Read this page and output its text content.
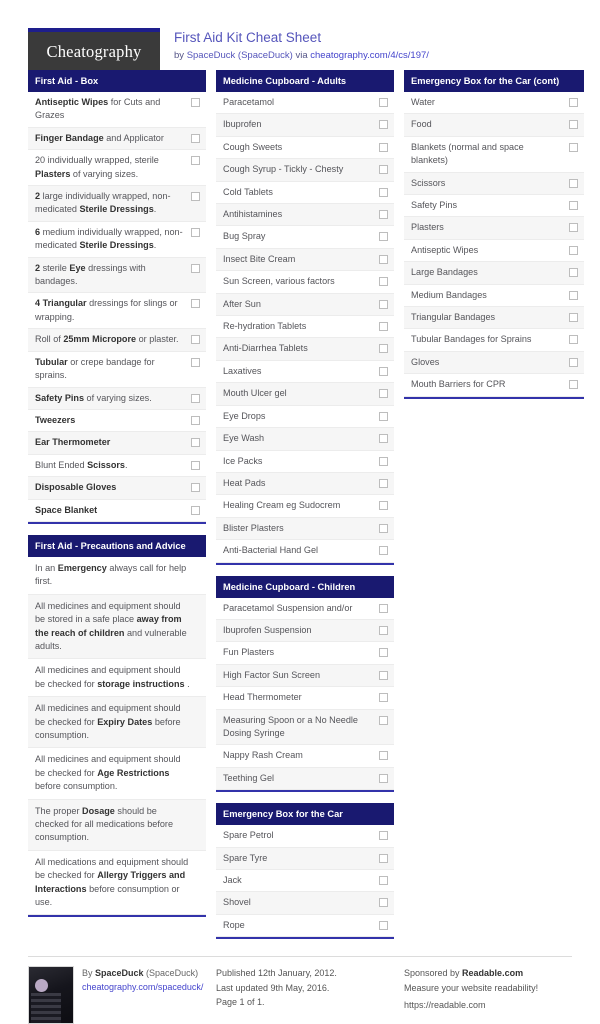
Cheatography
First Aid Kit Cheat Sheet
by SpaceDuck (SpaceDuck) via cheatography.com/4/cs/197/
First Aid - Box
Antiseptic Wipes for Cuts and Grazes
Finger Bandage and Applicator
20 individually wrapped, sterile Plasters of varying sizes.
2 large individually wrapped, non-medicated Sterile Dressings.
6 medium individually wrapped, non-medicated Sterile Dressings.
2 sterile Eye dressings with bandages.
4 Triangular dressings for slings or wrapping.
Roll of 25mm Micropore or plaster.
Tubular or crepe bandage for sprains.
Safety Pins of varying sizes.
Tweezers
Ear Thermometer
Blunt Ended Scissors.
Disposable Gloves
Space Blanket
First Aid - Precautions and Advice
In an Emergency always call for help first.
All medicines and equipment should be stored in a safe place away from the reach of children and vulnerable adults.
All medicines and equipment should be checked for storage instructions .
All medicines and equipment should be checked for Expiry Dates before consumption.
All medicines and equipment should be checked for Age Restrictions before consumption.
The proper Dosage should be checked for all medications before consumption.
All medications and equipment should be checked for Allergy Triggers and Interactions before consumption or use.
Medicine Cupboard - Adults
Paracetamol
Ibuprofen
Cough Sweets
Cough Syrup - Tickly - Chesty
Cold Tablets
Antihistamines
Bug Spray
Insect Bite Cream
Sun Screen, various factors
After Sun
Re-hydration Tablets
Anti-Diarrhea Tablets
Laxatives
Mouth Ulcer gel
Eye Drops
Eye Wash
Ice Packs
Heat Pads
Healing Cream eg Sudocrem
Blister Plasters
Anti-Bacterial Hand Gel
Medicine Cupboard - Children
Paracetamol Suspension and/or
Ibuprofen Suspension
Fun Plasters
High Factor Sun Screen
Head Thermometer
Measuring Spoon or a No Needle Dosing Syringe
Nappy Rash Cream
Teething Gel
Emergency Box for the Car
Spare Petrol
Spare Tyre
Jack
Shovel
Rope
Emergency Box for the Car (cont)
Water
Food
Blankets (normal and space blankets)
Scissors
Safety Pins
Plasters
Antiseptic Wipes
Large Bandages
Medium Bandages
Triangular Bandages
Tubular Bandages for Sprains
Gloves
Mouth Barriers for CPR
By SpaceDuck (SpaceDuck)
cheatography.com/spaceduck/
Published 12th January, 2012.
Last updated 9th May, 2016.
Page 1 of 1.
Sponsored by Readable.com
Measure your website readability!
https://readable.com
